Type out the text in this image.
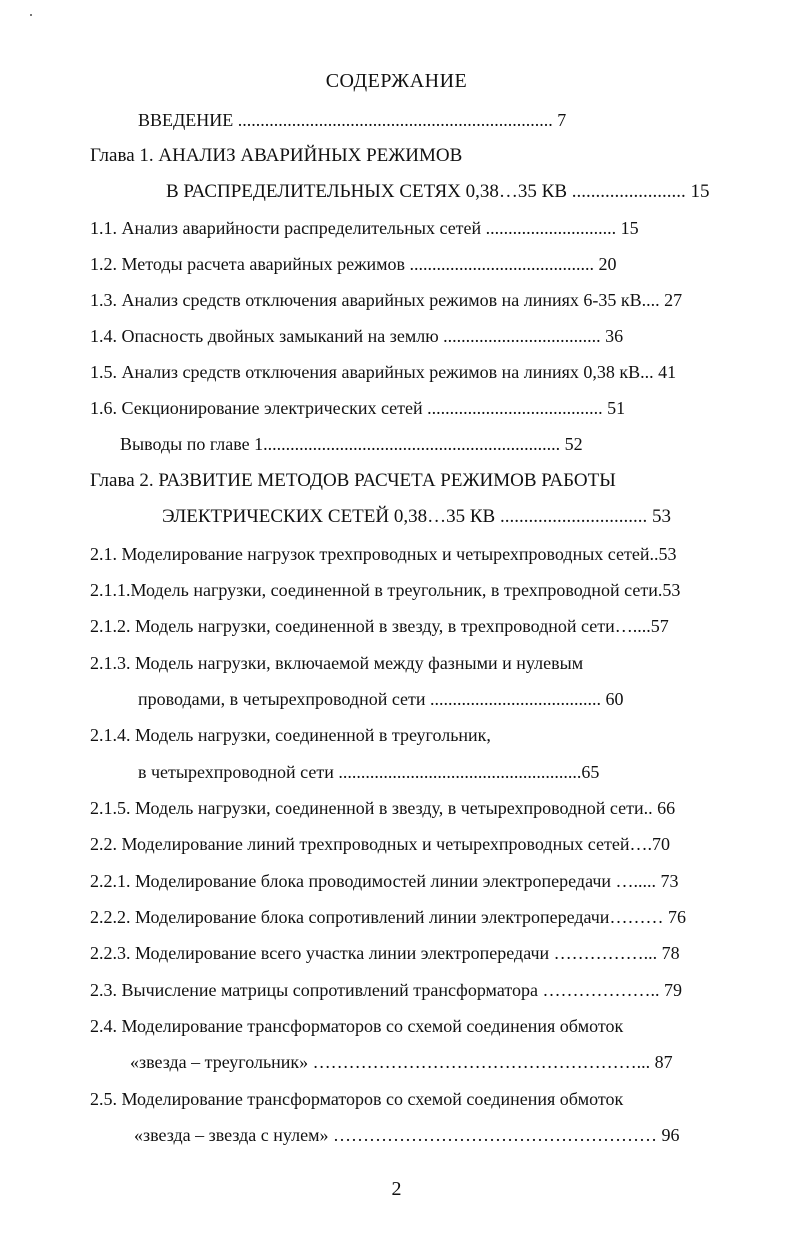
СОДЕРЖАНИЕ
ВВЕДЕНИЕ ...................................................................... 7
Глава 1. АНАЛИЗ АВАРИЙНЫХ РЕЖИМОВ
В РАСПРЕДЕЛИТЕЛЬНЫХ СЕТЯХ 0,38…35 КВ ........................ 15
1.1. Анализ аварийности распределительных сетей ............................. 15
1.2. Методы расчета аварийных режимов ......................................... 20
1.3. Анализ средств отключения аварийных режимов на линиях 6-35 кВ.... 27
1.4. Опасность двойных замыканий на землю ................................... 36
1.5. Анализ средств отключения аварийных режимов на линиях 0,38 кВ... 41
1.6. Секционирование электрических сетей ....................................... 51
Выводы по главе 1.................................................................. 52
Глава 2. РАЗВИТИЕ МЕТОДОВ РАСЧЕТА РЕЖИМОВ РАБОТЫ
ЭЛЕКТРИЧЕСКИХ СЕТЕЙ 0,38…35 КВ ............................... 53
2.1. Моделирование нагрузок трехпроводных и четырехпроводных сетей..53
2.1.1.Модель нагрузки, соединенной в треугольник, в трехпроводной сети.53
2.1.2. Модель нагрузки, соединенной в звезду, в трехпроводной сети…....57
2.1.3. Модель нагрузки, включаемой между фазными и нулевым
проводами, в четырехпроводной сети ...................................... 60
2.1.4. Модель нагрузки, соединенной в треугольник,
в четырехпроводной сети ......................................................65
2.1.5. Модель нагрузки, соединенной в звезду, в четырехпроводной сети.. 66
2.2. Моделирование линий трехпроводных и четырехпроводных сетей….70
2.2.1. Моделирование блока проводимостей линии электропередачи …..... 73
2.2.2. Моделирование блока сопротивлений линии электропередачи……… 76
2.2.3. Моделирование всего участка линии электропередачи ……………... 78
2.3. Вычисление матрицы сопротивлений трансформатора ……………….. 79
2.4. Моделирование трансформаторов со схемой соединения обмоток
«звезда – треугольник» ………………………………………………... 87
2.5. Моделирование трансформаторов со схемой соединения обмоток
«звезда – звезда с нулем» ……………………………………………… 96
2
